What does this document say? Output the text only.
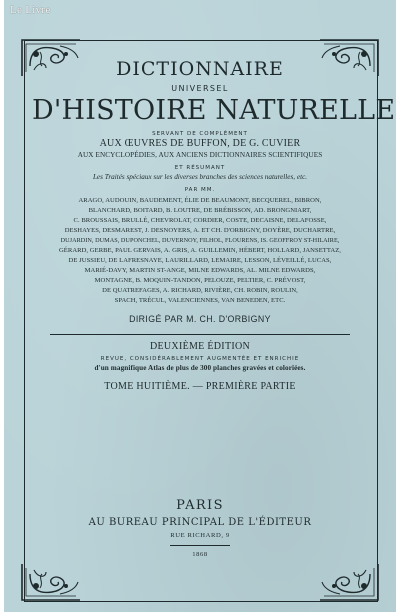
Le Livre
DICTIONNAIRE
UNIVERSEL
D'HISTOIRE NATURELLE
SERVANT DE COMPLÉMENT
AUX ŒUVRES DE BUFFON, DE G. CUVIER
AUX ENCYCLOPÉDIES, AUX ANCIENS DICTIONNAIRES SCIENTIFIQUES
ET RÉSUMANT
Les Traités spéciaux sur les diverses branches des sciences naturelles, etc.
PAR MM.
ARAGO, AUDOUIN, BAUDEMENT, ÉLIE DE BEAUMONT, BECQUEREL, BIBRON,
BLANCHARD, BOITARD, B. LOUTRE, DE BRÉBISSON, AD. BRONGNIART,
C. BROUSSAIS, BRULLÉ, CHEVROLAT, CORDIER, COSTE, DECAISNE, DELAFOSSE,
DESHAYES, DESMAREST, J. DESNOYERS, A. ET CH. D'ORBIGNY, DOYÈRE, DUCHARTRE,
DUJARDIN, DUMAS, DUPONCHEL, DUVERNOY, FILHOL, FLOURENS, IS. GEOFFROY ST-HILAIRE,
GÉRARD, GERBE, PAUL GERVAIS, A. GRIS, A. GUILLEMIN, HÉBERT, HOLLARD, JANSETTAZ,
DE JUSSIEU, DE LAFRESNAYE, LAURILLARD, LEMAIRE, LESSON, LÉVEILLÉ, LUCAS,
MARIÉ-DAVY, MARTIN ST-ANGE, MILNE EDWARDS, AL. MILNE EDWARDS,
MONTAGNE, B. MOQUIN-TANDON, PELOUZE, PELTIER, C. PRÉVOST,
DE QUATREFAGES, A. RICHARD, RIVIÈRE, CH. ROBIN, ROULIN,
SPACH, TRÉCUL, VALENCIENNES, VAN BENEDEN, ETC.
DIRIGÉ PAR M. CH. D'ORBIGNY
DEUXIÈME ÉDITION
REVUE, CONSIDÉRABLEMENT AUGMENTÉE ET ENRICHIE
d'un magnifique Atlas de plus de 300 planches gravées et coloriées.
TOME HUITIÈME. — PREMIÈRE PARTIE
PARIS
AU BUREAU PRINCIPAL DE L'ÉDITEUR
RUE RICHARD, 9
1868
